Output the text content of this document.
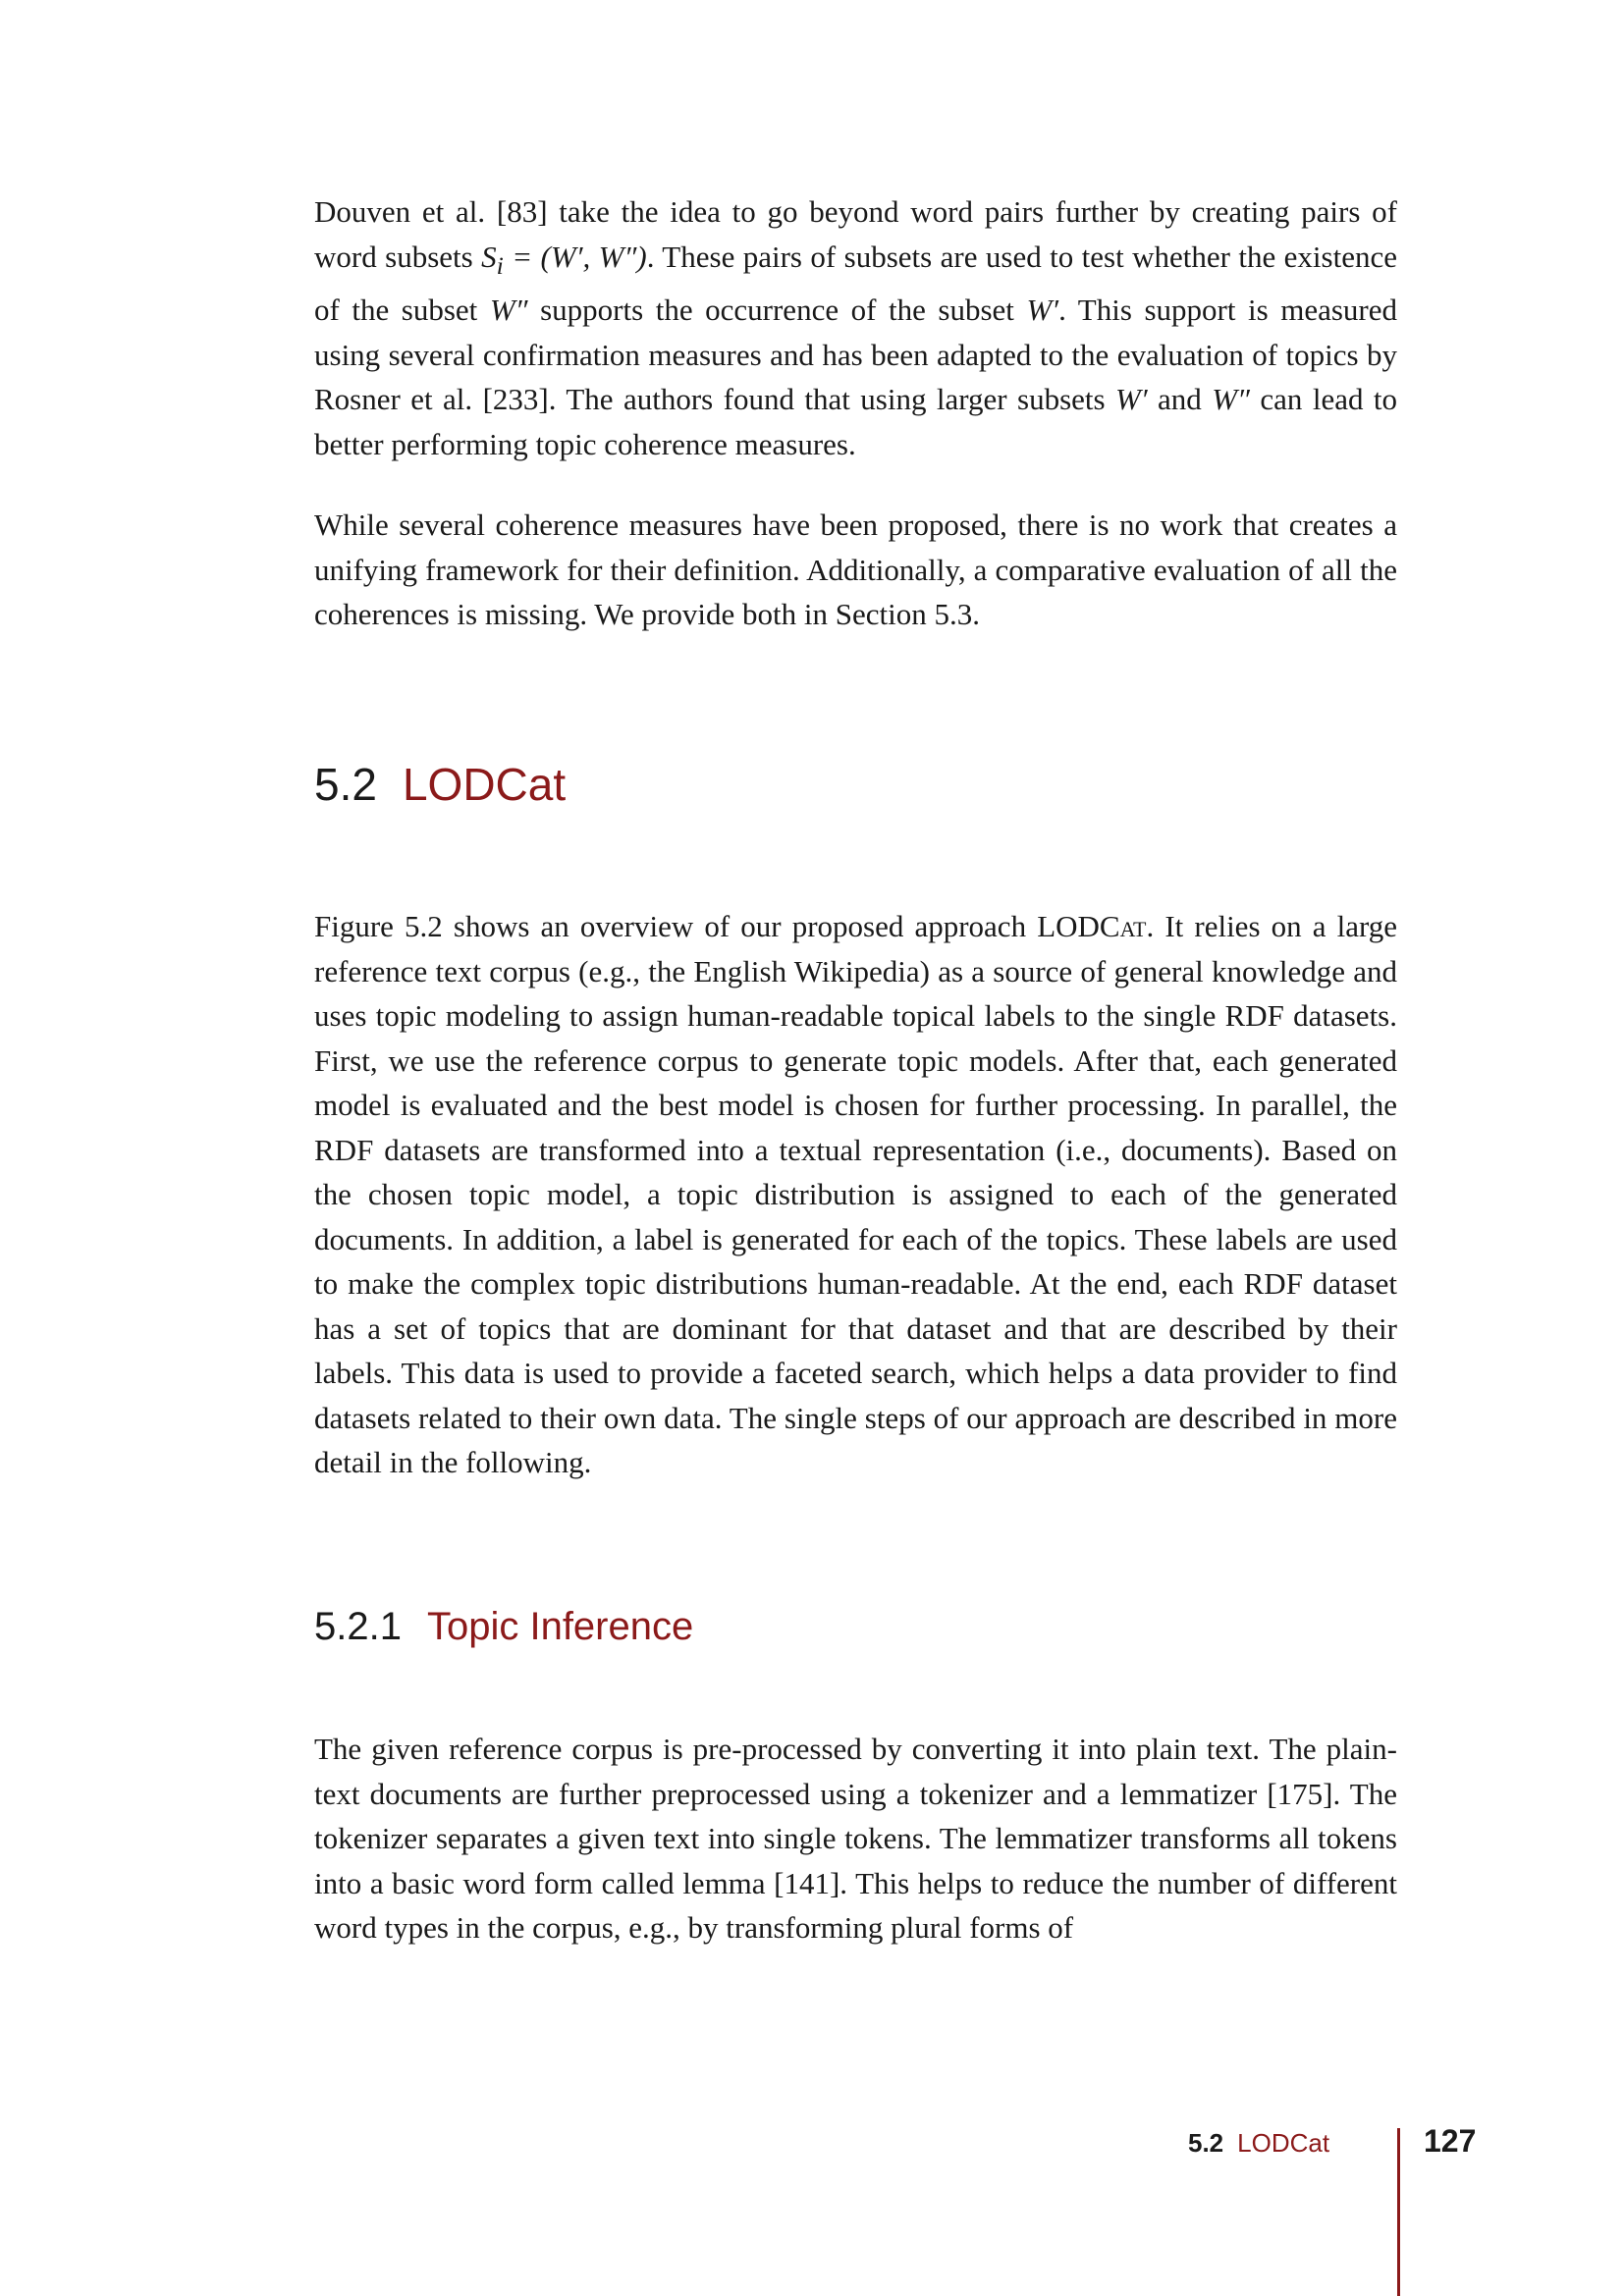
Douven et al. [83] take the idea to go beyond word pairs further by creating pairs of word subsets $S_i = (W'$, W″). These pairs of subsets are used to test whether the existence of the subset W″ supports the occurrence of the subset W′. This support is measured using several confirmation measures and has been adapted to the evaluation of topics by Rosner et al. [233]. The authors found that using larger subsets W′ and W″ can lead to better performing topic coherence measures.
While several coherence measures have been proposed, there is no work that creates a unifying framework for their definition. Additionally, a comparative evaluation of all the coherences is missing. We provide both in Section 5.3.
5.2 LODCat
Figure 5.2 shows an overview of our proposed approach LODCat. It relies on a large reference text corpus (e.g., the English Wikipedia) as a source of general knowledge and uses topic modeling to assign human-readable topical labels to the single RDF datasets. First, we use the reference corpus to generate topic models. After that, each generated model is evaluated and the best model is chosen for further processing. In parallel, the RDF datasets are transformed into a textual representation (i.e., documents). Based on the chosen topic model, a topic distribution is assigned to each of the generated documents. In addition, a label is generated for each of the topics. These labels are used to make the complex topic distributions human-readable. At the end, each RDF dataset has a set of topics that are dominant for that dataset and that are described by their labels. This data is used to provide a faceted search, which helps a data provider to find datasets related to their own data. The single steps of our approach are described in more detail in the following.
5.2.1 Topic Inference
The given reference corpus is pre-processed by converting it into plain text. The plain-text documents are further preprocessed using a tokenizer and a lemmatizer [175]. The tokenizer separates a given text into single tokens. The lemmatizer transforms all tokens into a basic word form called lemma [141]. This helps to reduce the number of different word types in the corpus, e.g., by transforming plural forms of
5.2 LODCat	127
